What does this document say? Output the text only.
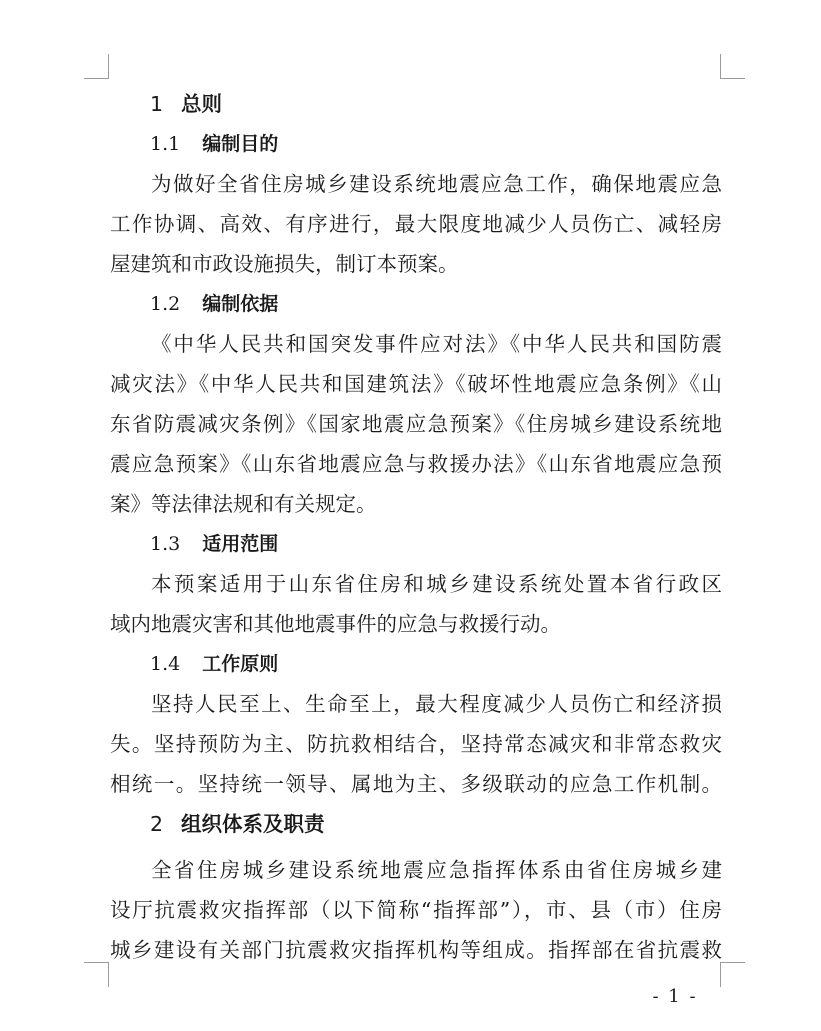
1 总则
1.1 编制目的
为做好全省住房城乡建设系统地震应急工作，确保地震应急
工作协调、高效、有序进行，最大限度地减少人员伤亡、减轻房
屋建筑和市政设施损失，制订本预案。
1.2 编制依据
《中华人民共和国突发事件应对法》《中华人民共和国防震
减灾法》《中华人民共和国建筑法》《破坏性地震应急条例》《山
东省防震减灾条例》《国家地震应急预案》《住房城乡建设系统地
震应急预案》《山东省地震应急与救援办法》《山东省地震应急预
案》等法律法规和有关规定。
1.3 适用范围
本预案适用于山东省住房和城乡建设系统处置本省行政区
域内地震灾害和其他地震事件的应急与救援行动。
1.4 工作原则
坚持人民至上、生命至上，最大程度减少人员伤亡和经济损
失。坚持预防为主、防抗救相结合，坚持常态减灾和非常态救灾
相统一。坚持统一领导、属地为主、多级联动的应急工作机制。
2 组织体系及职责
全省住房城乡建设系统地震应急指挥体系由省住房城乡建
设厅抗震救灾指挥部（以下简称“指挥部”），市、县（市）住房
城乡建设有关部门抗震救灾指挥机构等组成。指挥部在省抗震救
- 1 -
